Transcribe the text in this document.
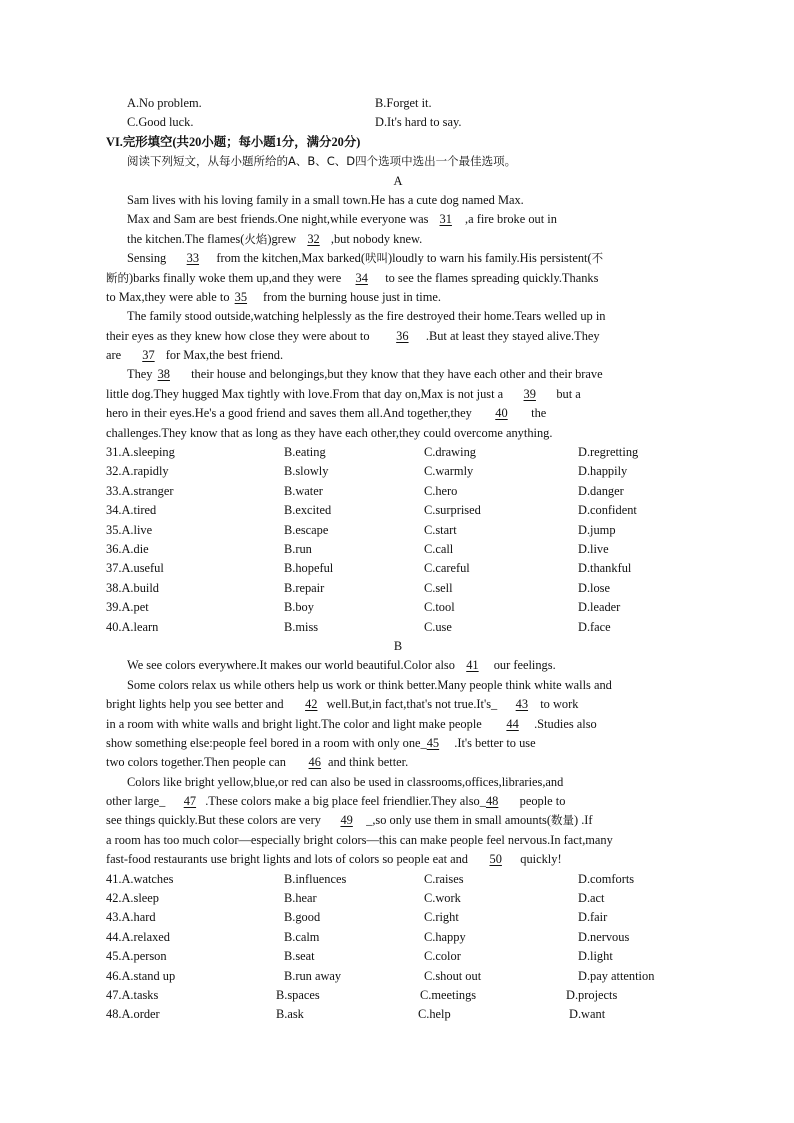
A.No problem.	B.Forget it.
C.Good luck.	D.It's hard to say.
VI.完形填空(共20小题；每小题1分，满分20分)
阅读下列短文，从每小题所给的A、B、C、D四个选项中选出一个最佳选项。
A
Sam lives with his loving family in a small town.He has a cute dog named Max.
Max and Sam are best friends.One night,while everyone was 31 ,a fire broke out in
the kitchen.The flames(火焰)grew 32 ,but nobody knew.
Sensing 33 from the kitchen,Max barked(吠叫)loudly to warn his family.His persistent(不
断的)barks finally woke them up,and they were 34 to see the flames spreading quickly.Thanks
to Max,they were able to 35 from the burning house just in time.
The family stood outside,watching helplessly as the fire destroyed their home.Tears welled up in
their eyes as they knew how close they were about to 36 .But at least they stayed alive.They
are 37 for Max,the best friend.
They 38 their house and belongings,but they know that they have each other and their brave
little dog.They hugged Max tightly with love.From that day on,Max is not just a 39 but a
hero in their eyes.He's a good friend and saves them all.And together,they 40 the
challenges.They know that as long as they have each other,they could overcome anything.
31.A.sleeping	B.eating	C.drawing	D.regretting
32.A.rapidly	B.slowly	C.warmly	D.happily
33.A.stranger	B.water	C.hero	D.danger
34.A.tired	B.excited	C.surprised	D.confident
35.A.live	B.escape	C.start	D.jump
36.A.die	B.run	C.call	D.live
37.A.useful	B.hopeful	C.careful	D.thankful
38.A.build	B.repair	C.sell	D.lose
39.A.pet	B.boy	C.tool	D.leader
40.A.learn	B.miss	C.use	D.face
B
We see colors everywhere.It makes our world beautiful.Color also 41 our feelings.
Some colors relax us while others help us work or think better.Many people think white walls and
bright lights help you see better and 42 well.But,in fact,that's not true.It's_ 43 to work
in a room with white walls and bright light.The color and light make people 44 .Studies also
show something else:people feel bored in a room with only one_45 .It's better to use
two colors together.Then people can 46 and think better.
Colors like bright yellow,blue,or red can also be used in classrooms,offices,libraries,and
other large_ 47 .These colors make a big place feel friendlier.They also_48 people to
see things quickly.But these colors are very 49 _,so only use them in small amounts(数量) .If
a room has too much color—especially bright colors—this can make people feel nervous.In fact,many
fast-food restaurants use bright lights and lots of colors so people eat and 50 quickly!
41.A.watches	B.influences	C.raises	D.comforts
42.A.sleep	B.hear	C.work	D.act
43.A.hard	B.good	C.right	D.fair
44.A.relaxed	B.calm	C.happy	D.nervous
45.A.person	B.seat	C.color	D.light
46.A.stand up	B.run away	C.shout out	D.pay attention
47.A.tasks	B.spaces	C.meetings	D.projects
48.A.order	B.ask	C.help	D.want
